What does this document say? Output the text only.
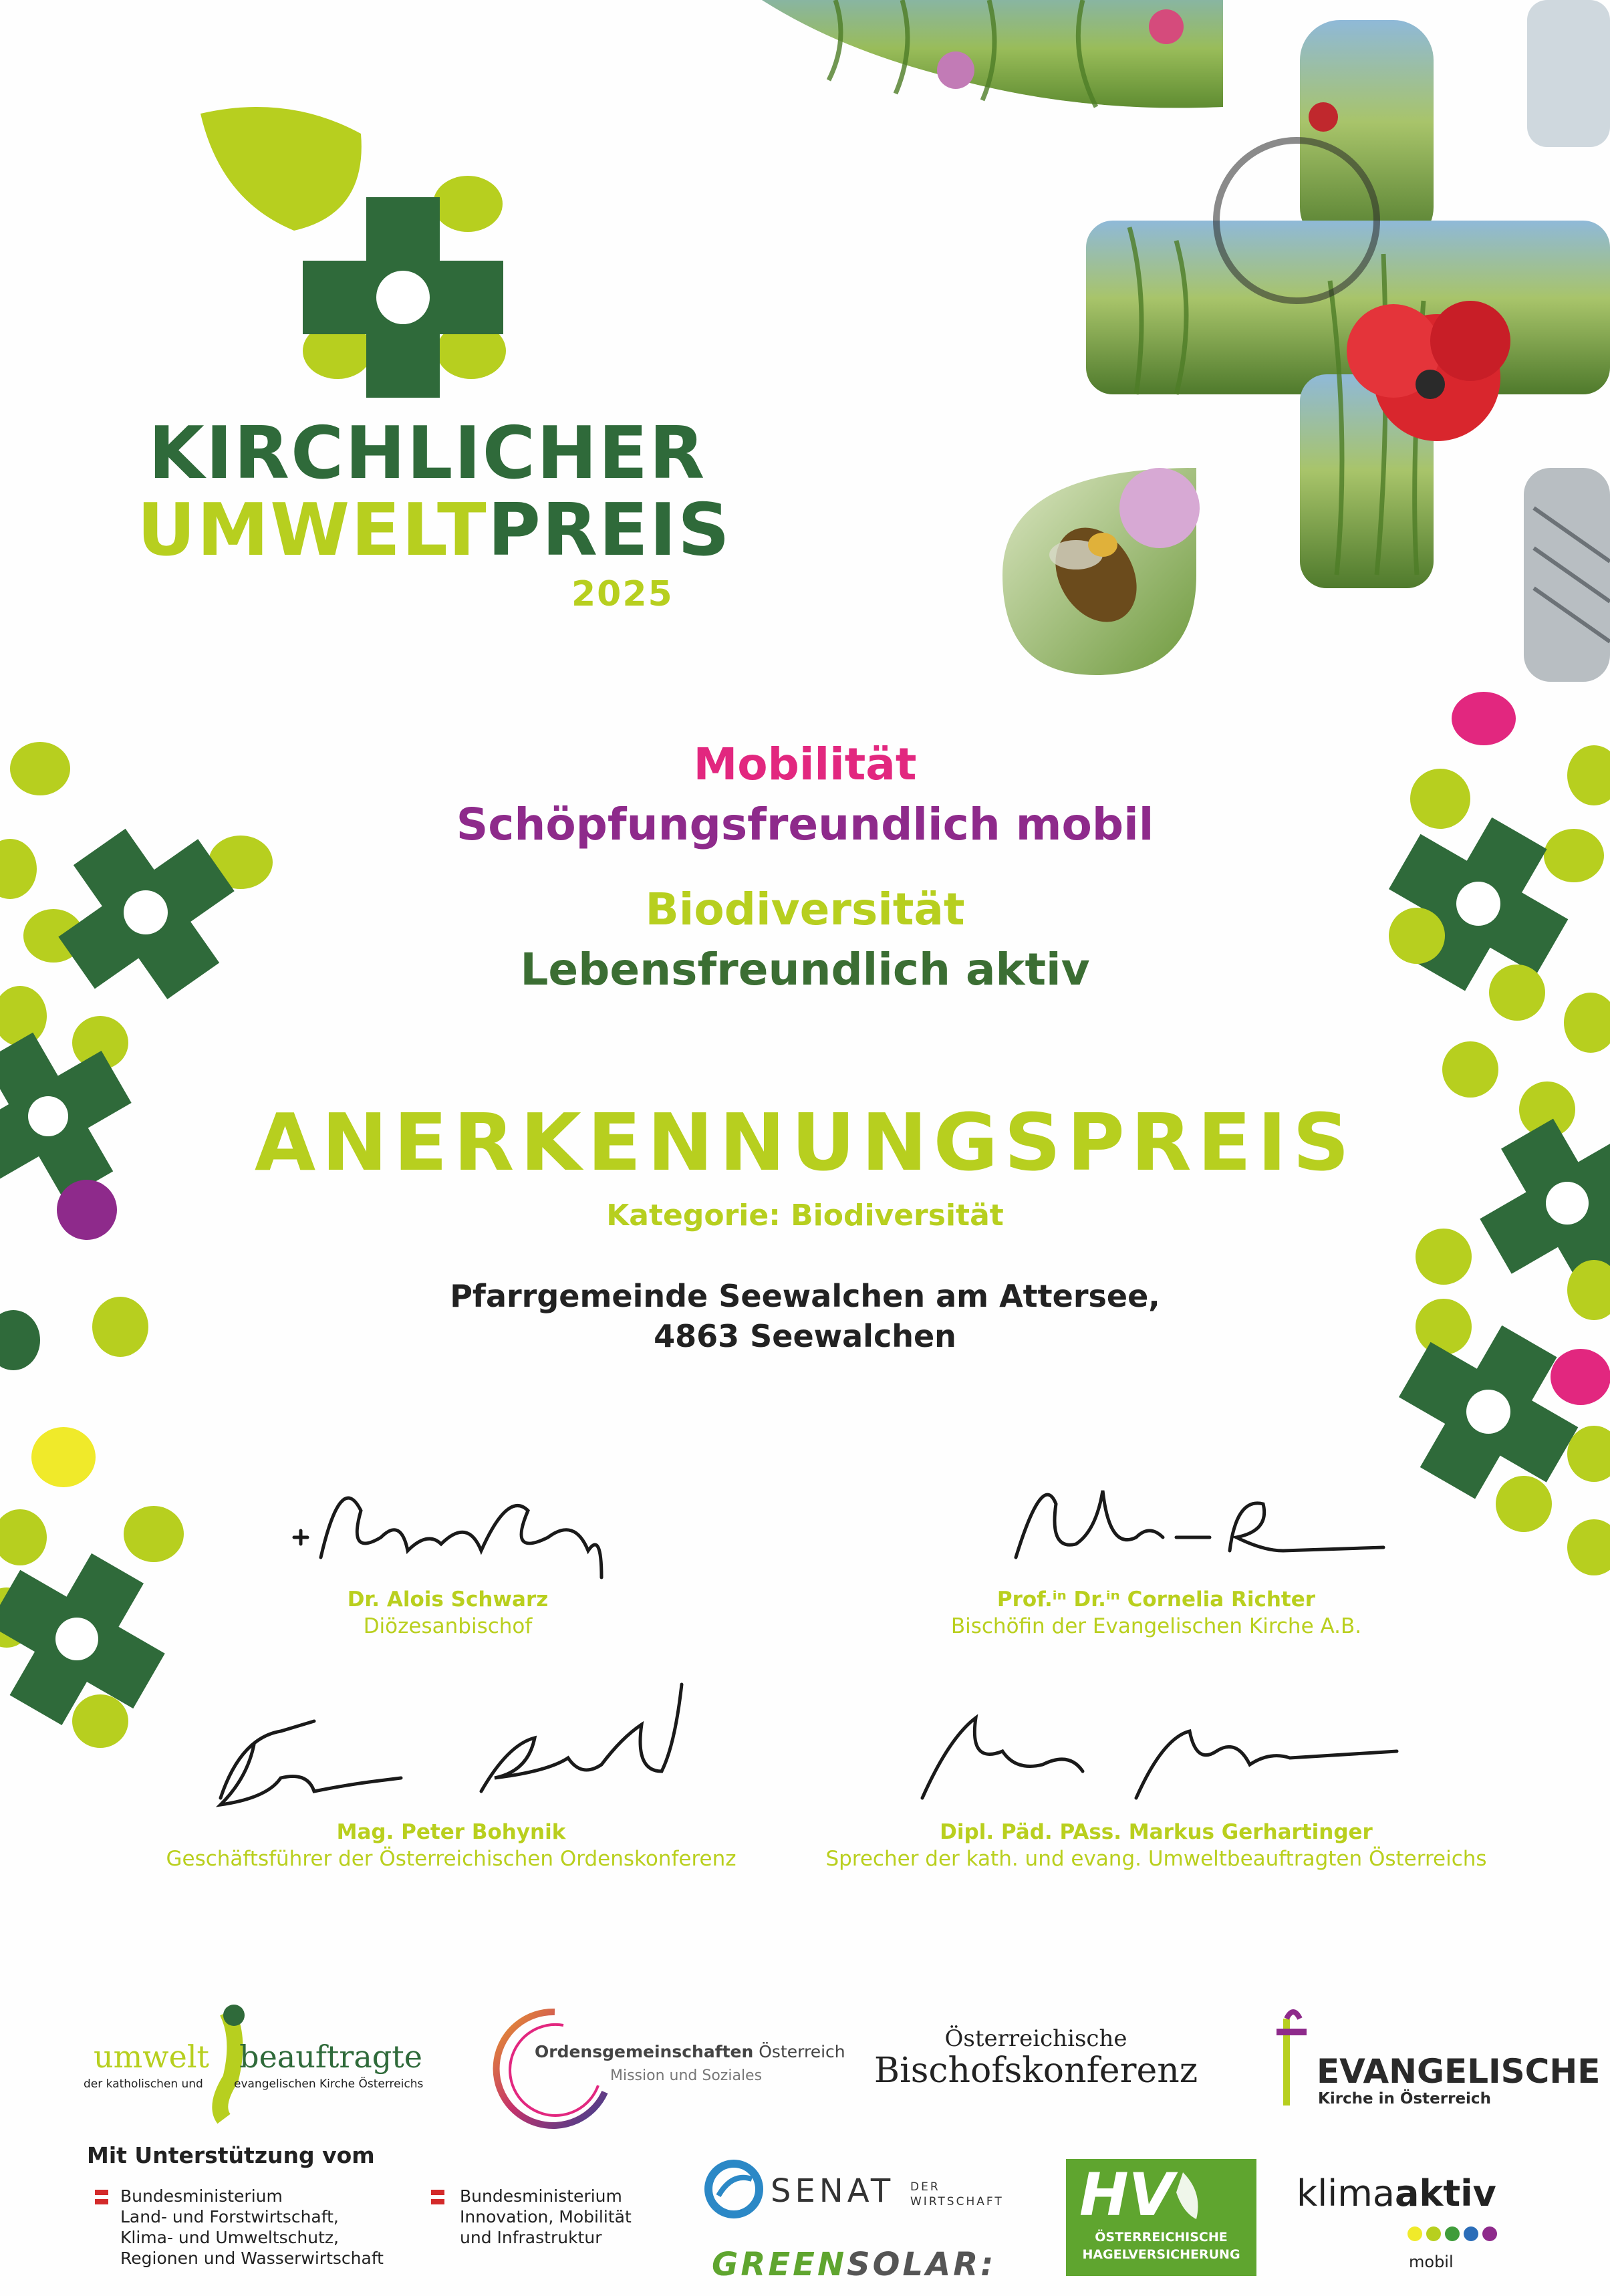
KIRCHLICHER
UMWELTPREIS
2025
Mobilität
Schöpfungsfreundlich mobil
Biodiversität
Lebensfreundlich aktiv
ANERKENNUNGSPREIS
Kategorie: Biodiversität
Pfarrgemeinde Seewalchen am Attersee,
4863 Seewalchen
Dr. Alois Schwarz
Diözesanbischof
Prof.ⁱⁿ Dr.ⁱⁿ Cornelia Richter
Bischöfin der Evangelischen Kirche A.B.
Mag. Peter Bohynik
Geschäftsführer der Österreichischen Ordenskonferenz
Dipl. Päd. PAss. Markus Gerhartinger
Sprecher der kath. und evang. Umweltbeauftragten Österreichs
umwelt beauftragte
der katholischen und	evangelischen Kirche Österreichs
Ordensgemeinschaften Österreich
Mission und Soziales
Österreichische
Bischofskonferenz	EVANGELISCHE
Kirche in Österreich
Mit Unterstützung vom
Bundesministerium
Land- und Forstwirtschaft,
Klima- und Umweltschutz,
Regionen und Wasserwirtschaft
Bundesministerium
Innovation, Mobilität
und Infrastruktur
SENAT DER
WIRTSCHAFT
GREENSOLAR:
HV
ÖSTERREICHISCHE
HAGELVERSICHERUNG
klimaaktiv
mobil
